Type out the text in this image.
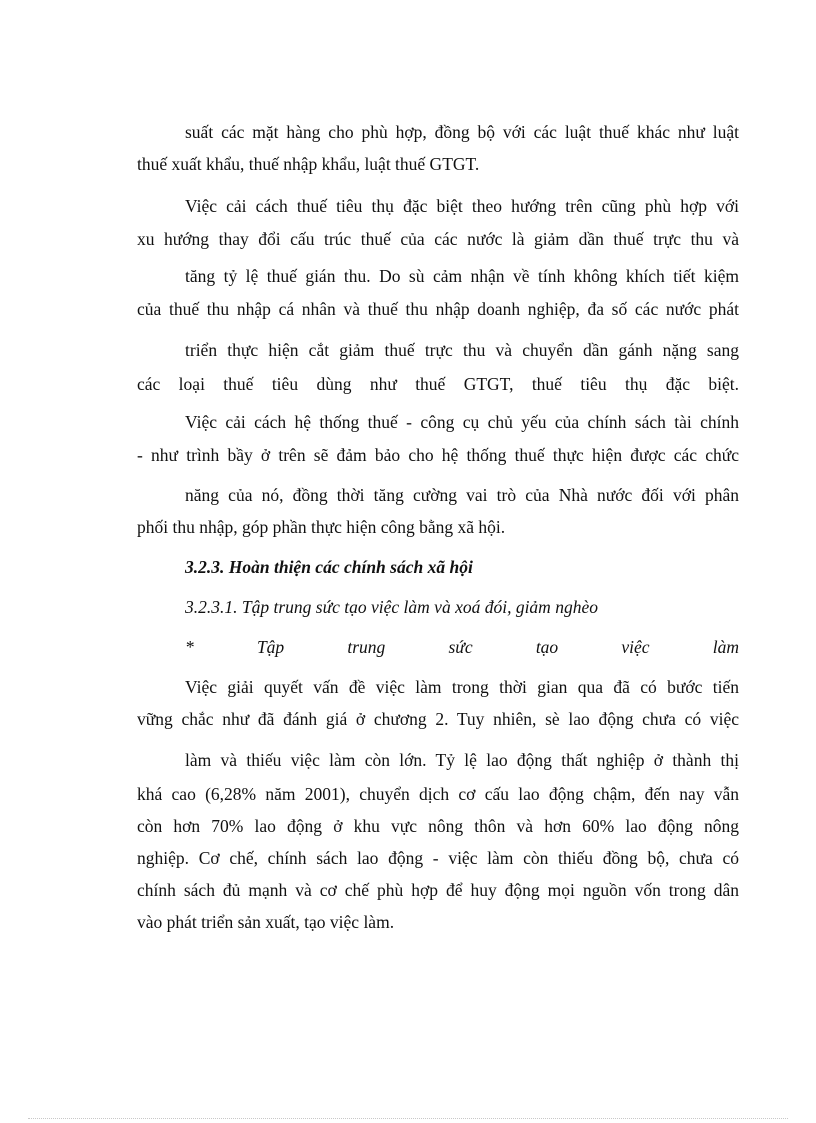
suất các mặt hàng cho phù hợp, đồng bộ với các luật thuế khác như luật
thuế xuất khẩu, thuế nhập khẩu, luật thuế GTGT.
Việc cải cách thuế tiêu thụ đặc biệt theo hướng trên cũng phù hợp với
xu hướng thay đổi cấu trúc thuế của các nước là giảm dần thuế trực thu và
tăng tỷ lệ thuế gián thu. Do sù cảm nhận về tính không khích tiết kiệm
của thuế thu nhập cá nhân và thuế thu nhập doanh nghiệp, đa số các nước phát
triển thực hiện cắt giảm thuế trực thu và chuyển dần gánh nặng sang
các loại thuế tiêu dùng như thuế GTGT, thuế tiêu thụ đặc biệt.
Việc cải cách hệ thống thuế - công cụ chủ yếu của chính sách tài chính
- như trình bầy ở trên sẽ đảm bảo cho hệ thống thuế thực hiện được các chức
năng của nó, đồng thời tăng cường vai trò của Nhà nước đối với phân
phối thu nhập, góp phần thực hiện công bằng xã hội.
3.2.3. Hoàn thiện các chính sách xã hội
3.2.3.1. Tập trung sức tạo việc làm và xoá đói, giảm nghèo
* Tập trung sức tạo việc làm
Việc giải quyết vấn đề việc làm trong thời gian qua đã có bước tiến
vững chắc như đã đánh giá ở chương 2. Tuy nhiên, sè lao động chưa có việc
làm và thiếu việc làm còn lớn. Tỷ lệ lao động thất nghiệp ở thành thị
khá cao (6,28% năm 2001), chuyển dịch cơ cấu lao động chậm, đến nay vẫn
còn hơn 70% lao động ở khu vực nông thôn và hơn 60% lao động nông
nghiệp. Cơ chế, chính sách lao động - việc làm còn thiếu đồng bộ, chưa có
chính sách đủ mạnh và cơ chế phù hợp để huy động mọi nguồn vốn trong dân
vào phát triển sản xuất, tạo việc làm.
